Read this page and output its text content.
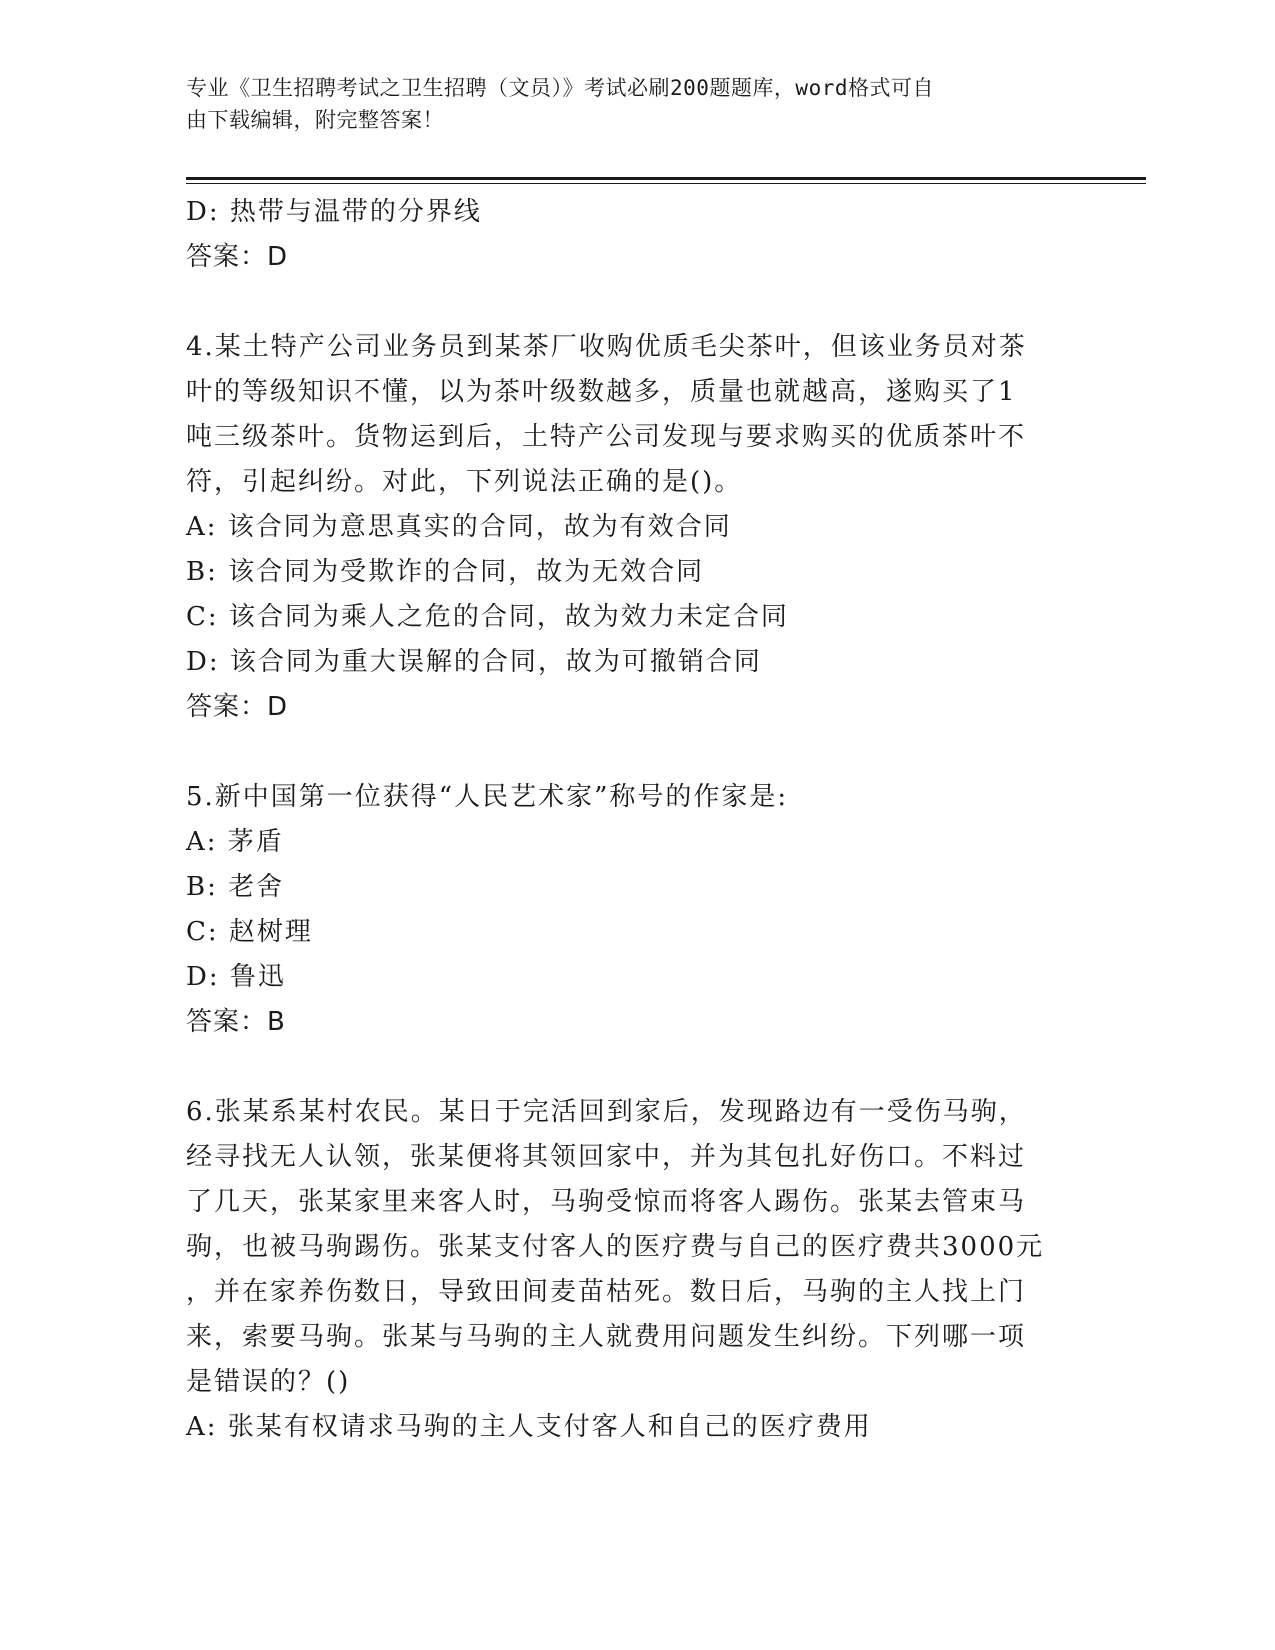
专业《卫生招聘考试之卫生招聘（文员）》考试必刷200题题库，word格式可自
由下载编辑，附完整答案！

D: 热带与温带的分界线

答案：D

4.某土特产公司业务员到某茶厂收购优质毛尖茶叶，但该业务员对茶

叶的等级知识不懂，以为茶叶级数越多，质量也就越高，遂购买了1

吨三级茶叶。货物运到后，土特产公司发现与要求购买的优质茶叶不

符，引起纠纷。对此，下列说法正确的是()。

A: 该合同为意思真实的合同，故为有效合同

B: 该合同为受欺诈的合同，故为无效合同

C: 该合同为乘人之危的合同，故为效力未定合同

D: 该合同为重大误解的合同，故为可撤销合同

答案：D

5.新中国第一位获得“人民艺术家”称号的作家是:

A: 茅盾

B: 老舍

C: 赵树理

D: 鲁迅

答案：B

6.张某系某村农民。某日于完活回到家后，发现路边有一受伤马驹，

经寻找无人认领，张某便将其领回家中，并为其包扎好伤口。不料过

了几天，张某家里来客人时，马驹受惊而将客人踢伤。张某去管束马

驹，也被马驹踢伤。张某支付客人的医疗费与自己的医疗费共3000元

，并在家养伤数日，导致田间麦苗枯死。数日后，马驹的主人找上门

来，索要马驹。张某与马驹的主人就费用问题发生纠纷。下列哪一项

是错误的？()

A: 张某有权请求马驹的主人支付客人和自己的医疗费用
